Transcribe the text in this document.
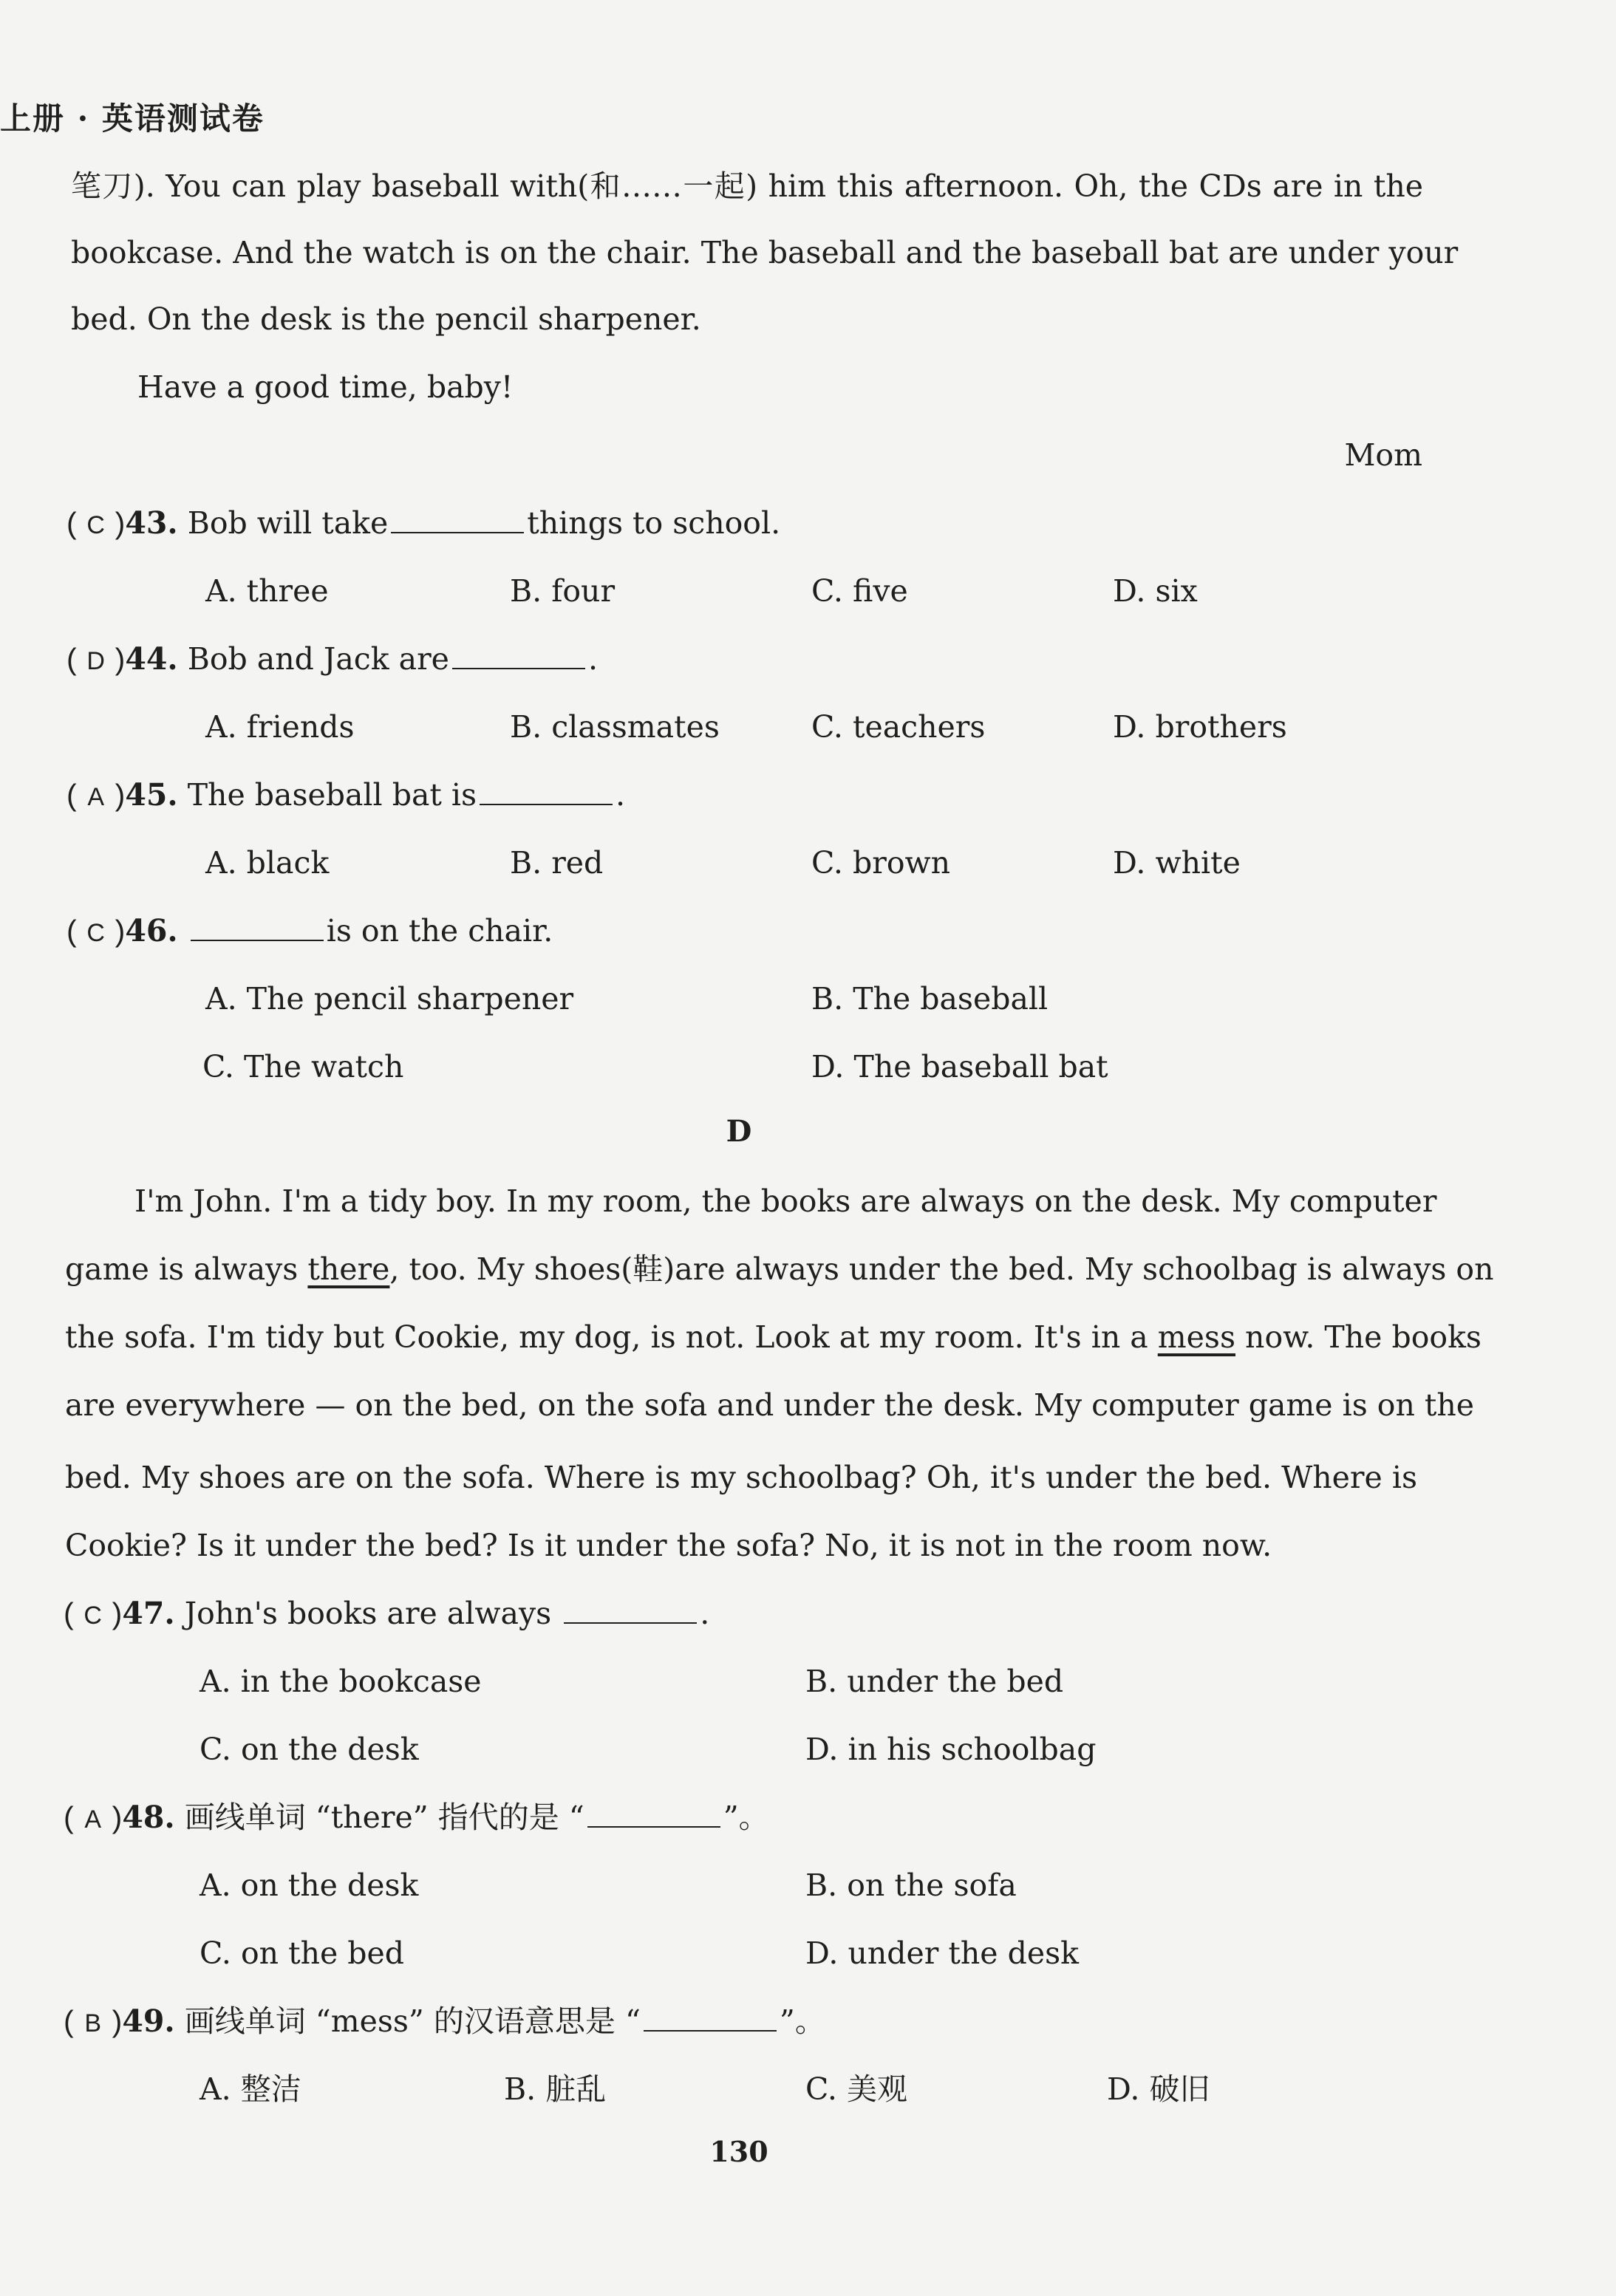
上册 · 英语测试卷
笔刀). You can play baseball with(和……一起) him this afternoon. Oh, the CDs are in the
bookcase. And the watch is on the chair. The baseball and the baseball bat are under your
bed. On the desk is the pencil sharpener.
Have a good time, baby!
Mom
( C )43. Bob will take	things to school.
A. three	B. four	C. five	D. six
( D )44. Bob and Jack are	.
A. friends	B. classmates	C. teachers	D. brothers
( A )45. The baseball bat is	.
A. black	B. red	C. brown	D. white
( C )46.	is on the chair.
A. The pencil sharpener	B. The baseball
C. The watch	D. The baseball bat
D
I'm John. I'm a tidy boy. In my room, the books are always on the desk. My computer
game is always there, too. My shoes(鞋)are always under the bed. My schoolbag is always on
the sofa. I'm tidy but Cookie, my dog, is not. Look at my room. It's in a mess now. The books
are everywhere — on the bed, on the sofa and under the desk. My computer game is on the
bed. My shoes are on the sofa. Where is my schoolbag? Oh, it's under the bed. Where is
Cookie? Is it under the bed? Is it under the sofa? No, it is not in the room now.
( C )47. John's books are always	.
A. in the bookcase	B. under the bed
C. on the desk	D. in his schoolbag
( A )48. 画线单词 “there” 指代的是 “	”。
A. on the desk	B. on the sofa
C. on the bed	D. under the desk
( B )49. 画线单词 “mess” 的汉语意思是 “	”。
A. 整洁	B. 脏乱	C. 美观	D. 破旧
130
